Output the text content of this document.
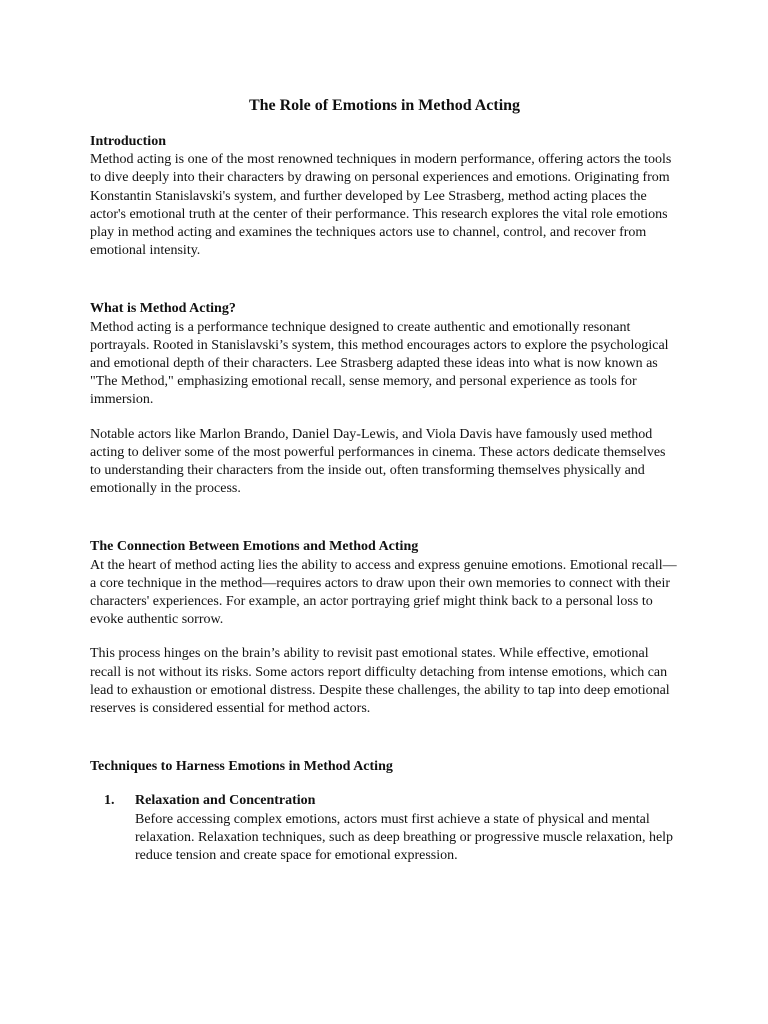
The Role of Emotions in Method Acting
Introduction

Method acting is one of the most renowned techniques in modern performance, offering actors the tools to dive deeply into their characters by drawing on personal experiences and emotions. Originating from Konstantin Stanislavski's system, and further developed by Lee Strasberg, method acting places the actor's emotional truth at the center of their performance. This research explores the vital role emotions play in method acting and examines the techniques actors use to channel, control, and recover from emotional intensity.

What is Method Acting?

Method acting is a performance technique designed to create authentic and emotionally resonant portrayals. Rooted in Stanislavski’s system, this method encourages actors to explore the psychological and emotional depth of their characters. Lee Strasberg adapted these ideas into what is now known as "The Method," emphasizing emotional recall, sense memory, and personal experience as tools for immersion.

Notable actors like Marlon Brando, Daniel Day-Lewis, and Viola Davis have famously used method acting to deliver some of the most powerful performances in cinema. These actors dedicate themselves to understanding their characters from the inside out, often transforming themselves physically and emotionally in the process.

The Connection Between Emotions and Method Acting

At the heart of method acting lies the ability to access and express genuine emotions. Emotional recall—a core technique in the method—requires actors to draw upon their own memories to connect with their characters' experiences. For example, an actor portraying grief might think back to a personal loss to evoke authentic sorrow.

This process hinges on the brain’s ability to revisit past emotional states. While effective, emotional recall is not without its risks. Some actors report difficulty detaching from intense emotions, which can lead to exhaustion or emotional distress. Despite these challenges, the ability to tap into deep emotional reserves is considered essential for method actors.

Techniques to Harness Emotions in Method Acting
1. Relaxation and Concentration

Before accessing complex emotions, actors must first achieve a state of physical and mental relaxation. Relaxation techniques, such as deep breathing or progressive muscle relaxation, help reduce tension and create space for emotional expression.
